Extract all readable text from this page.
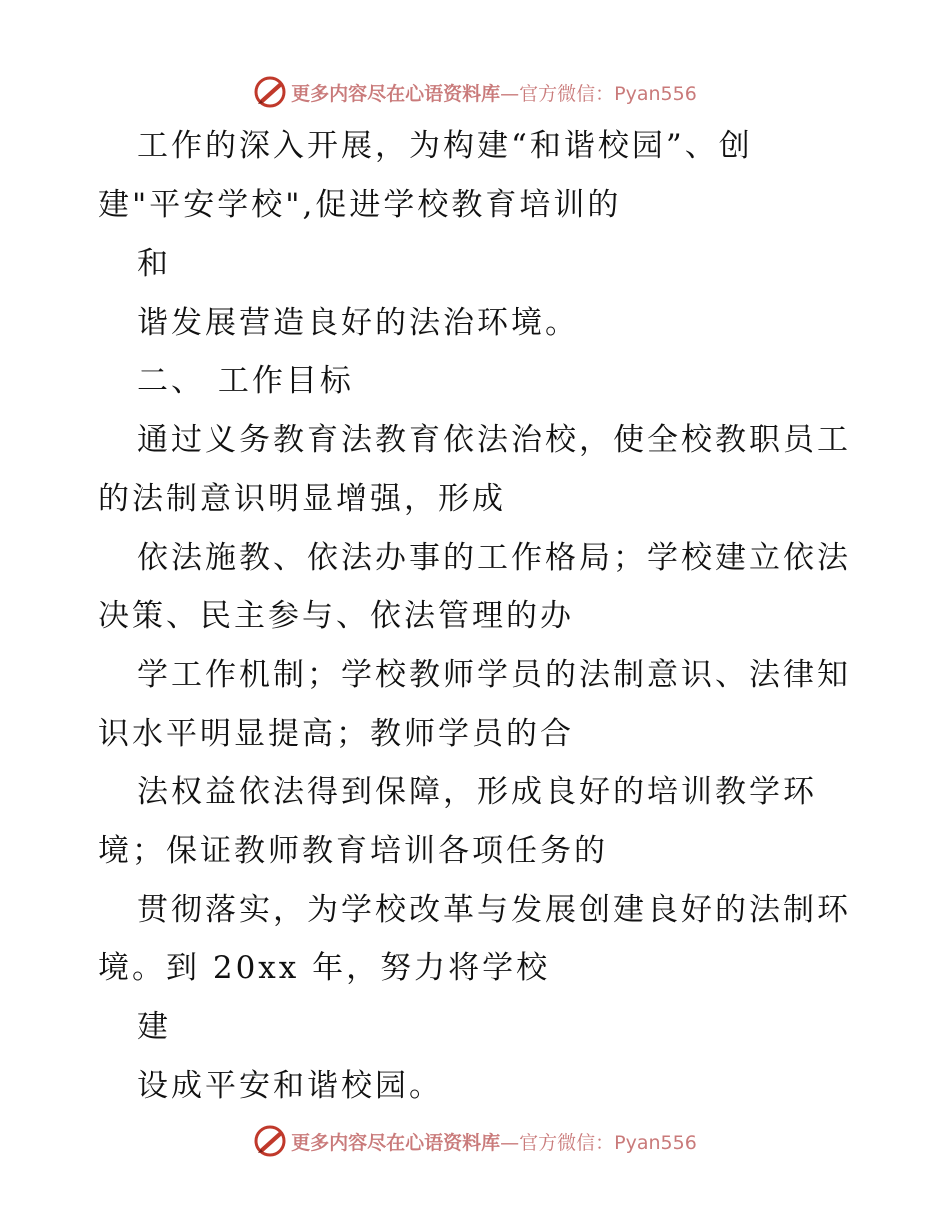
更多内容尽在心语资料库 —官方微信：Pyan556
工作的深入开展，为构建“和谐校园”、创
建"平安学校",促进学校教育培训的
和
谐发展营造良好的法治环境。
二、 工作目标
通过义务教育法教育依法治校，使全校教职员工
的法制意识明显增强，形成
依法施教、依法办事的工作格局；学校建立依法
决策、民主参与、依法管理的办
学工作机制；学校教师学员的法制意识、法律知
识水平明显提高；教师学员的合
法权益依法得到保障，形成良好的培训教学环
境；保证教师教育培训各项任务的
贯彻落实，为学校改革与发展创建良好的法制环
境。到 20xx 年，努力将学校
建
设成平安和谐校园。
更多内容尽在心语资料库 —官方微信：Pyan556
